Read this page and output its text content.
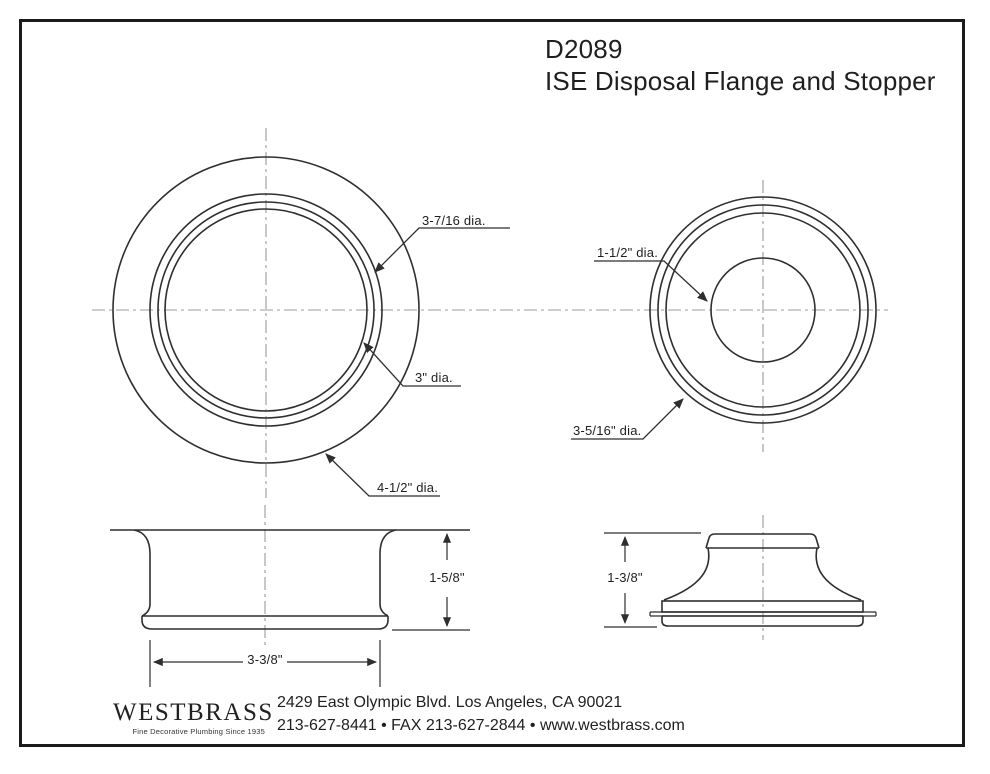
D2089
ISE Disposal Flange and Stopper
3-7/16 dia.
3" dia.
4-1/2" dia.
1-1/2" dia.
3-5/16" dia.
1-5/8"
3-3/8"
1-3/8"
WESTBRASS
Fine Decorative Plumbing Since 1935
2429 East Olympic Blvd. Los Angeles, CA 90021
213-627-8441 • FAX 213-627-2844 • www.westbrass.com
